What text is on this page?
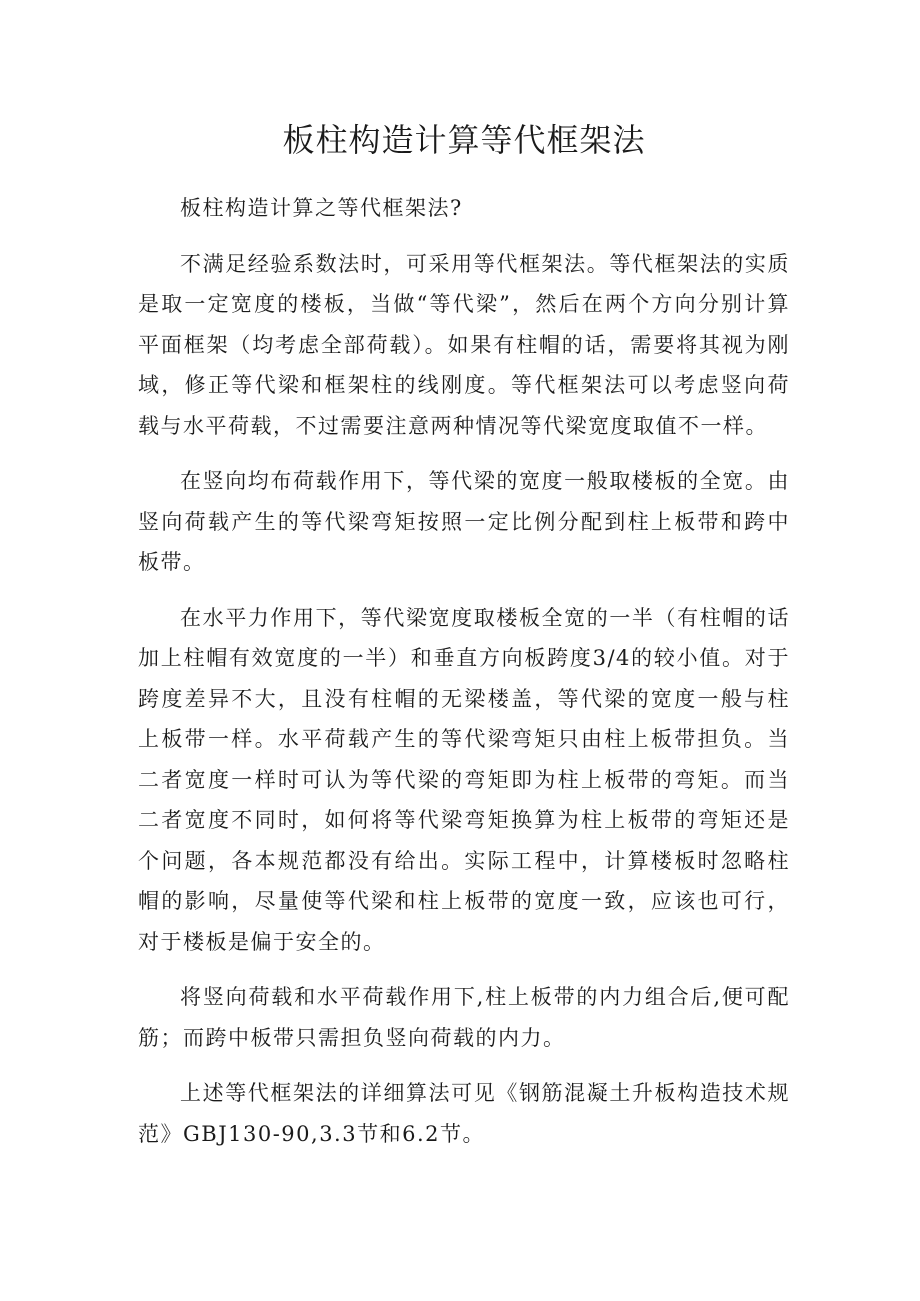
板柱构造计算等代框架法

板柱构造计算之等代框架法?

不满足经验系数法时，可采用等代框架法。等代框架法的实质是取一定宽度的楼板，当做“等代梁”，然后在两个方向分别计算平面框架（均考虑全部荷载）。如果有柱帽的话，需要将其视为刚域，修正等代梁和框架柱的线刚度。等代框架法可以考虑竖向荷载与水平荷载，不过需要注意两种情况等代梁宽度取值不一样。

在竖向均布荷载作用下，等代梁的宽度一般取楼板的全宽。由竖向荷载产生的等代梁弯矩按照一定比例分配到柱上板带和跨中板带。

在水平力作用下，等代梁宽度取楼板全宽的一半（有柱帽的话加上柱帽有效宽度的一半）和垂直方向板跨度3/4的较小值。对于跨度差异不大，且没有柱帽的无梁楼盖，等代梁的宽度一般与柱上板带一样。水平荷载产生的等代梁弯矩只由柱上板带担负。当二者宽度一样时可认为等代梁的弯矩即为柱上板带的弯矩。而当二者宽度不同时，如何将等代梁弯矩换算为柱上板带的弯矩还是个问题，各本规范都没有给出。实际工程中，计算楼板时忽略柱帽的影响，尽量使等代梁和柱上板带的宽度一致，应该也可行，对于楼板是偏于安全的。

将竖向荷载和水平荷载作用下,柱上板带的内力组合后,便可配筋；而跨中板带只需担负竖向荷载的内力。

上述等代框架法的详细算法可见《钢筋混凝土升板构造技术规范》GBJ130-90,3.3节和6.2节。
